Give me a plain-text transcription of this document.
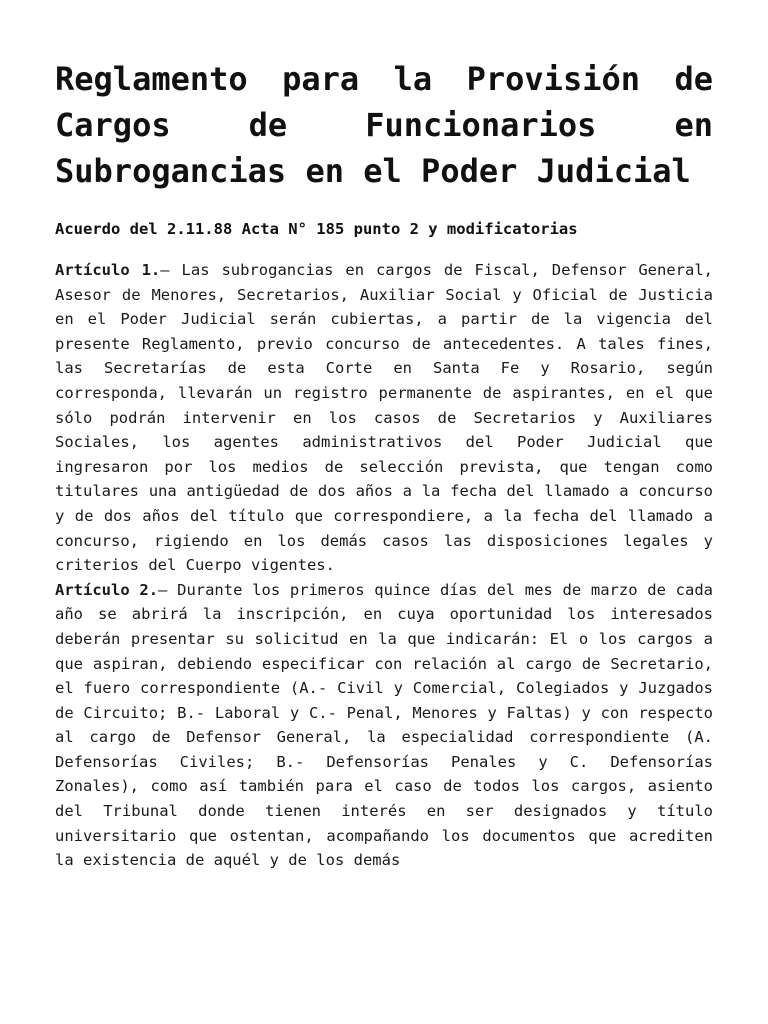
Reglamento para la Provisión de Cargos de Funcionarios en Subrogancias en el Poder Judicial

Acuerdo del 2.11.88 Acta N° 185 punto 2 y modificatorias

Artículo 1.– Las subrogancias en cargos de Fiscal, Defensor General, Asesor de Menores, Secretarios, Auxiliar Social y Oficial de Justicia en el Poder Judicial serán cubiertas, a partir de la vigencia del presente Reglamento, previo concurso de antecedentes. A tales fines, las Secretarías de esta Corte en Santa Fe y Rosario, según corresponda, llevarán un registro permanente de aspirantes, en el que sólo podrán intervenir en los casos de Secretarios y Auxiliares Sociales, los agentes administrativos del Poder Judicial que ingresaron por los medios de selección prevista, que tengan como titulares una antigüedad de dos años a la fecha del llamado a concurso y de dos años del título que correspondiere, a la fecha del llamado a concurso, rigiendo en los demás casos las disposiciones legales y criterios del Cuerpo vigentes.

Artículo 2.– Durante los primeros quince días del mes de marzo de cada año se abrirá la inscripción, en cuya oportunidad los interesados deberán presentar su solicitud en la que indicarán: El o los cargos a que aspiran, debiendo especificar con relación al cargo de Secretario, el fuero correspondiente (A.- Civil y Comercial, Colegiados y Juzgados de Circuito; B.- Laboral y C.- Penal, Menores y Faltas) y con respecto al cargo de Defensor General, la especialidad correspondiente (A. Defensorías Civiles; B.- Defensorías Penales y C. Defensorías Zonales), como así también para el caso de todos los cargos, asiento del Tribunal donde tienen interés en ser designados y título universitario que ostentan, acompañando los documentos que acrediten la existencia de aquél y de los demás
